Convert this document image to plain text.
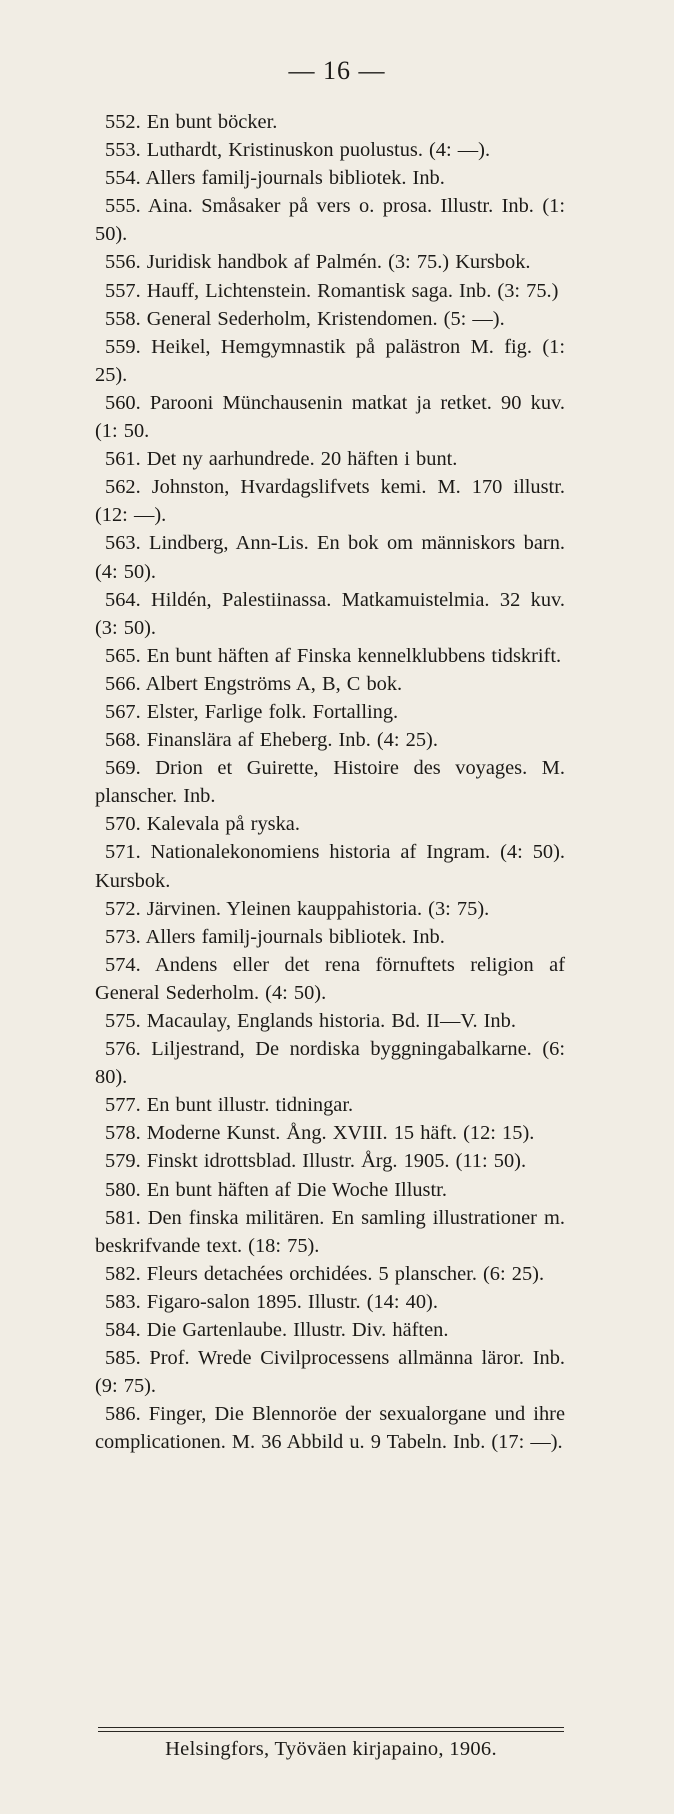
— 16 —
552. En bunt böcker.
553. Luthardt, Kristinuskon puolustus. (4: —).
554. Allers familj-journals bibliotek. Inb.
555. Aina. Småsaker på vers o. prosa. Illustr. Inb. (1: 50).
556. Juridisk handbok af Palmén. (3: 75.) Kursbok.
557. Hauff, Lichtenstein. Romantisk saga. Inb. (3: 75.)
558. General Sederholm, Kristendomen. (5: —).
559. Heikel, Hemgymnastik på palästron M. fig. (1: 25).
560. Parooni Münchausenin matkat ja retket. 90 kuv. (1: 50.
561. Det ny aarhundrede. 20 häften i bunt.
562. Johnston, Hvardagslifvets kemi. M. 170 illustr. (12: —).
563. Lindberg, Ann-Lis. En bok om människors barn. (4: 50).
564. Hildén, Palestiinassa. Matkamuistelmia. 32 kuv. (3: 50).
565. En bunt häften af Finska kennelklubbens tidskrift.
566. Albert Engströms A, B, C bok.
567. Elster, Farlige folk. Fortalling.
568. Finanslära af Eheberg. Inb. (4: 25).
569. Drion et Guirette, Histoire des voyages. M. planscher. Inb.
570. Kalevala på ryska.
571. Nationalekonomiens historia af Ingram. (4: 50). Kursbok.
572. Järvinen. Yleinen kauppahistoria. (3: 75).
573. Allers familj-journals bibliotek. Inb.
574. Andens eller det rena förnuftets religion af General Sederholm. (4: 50).
575. Macaulay, Englands historia. Bd. II—V. Inb.
576. Liljestrand, De nordiska byggningabalkarne. (6: 80).
577. En bunt illustr. tidningar.
578. Moderne Kunst. Ång. XVIII. 15 häft. (12: 15).
579. Finskt idrottsblad. Illustr. Årg. 1905. (11: 50).
580. En bunt häften af Die Woche Illustr.
581. Den finska militären. En samling illustrationer m. beskrifvande text. (18: 75).
582. Fleurs detachées orchidées. 5 planscher. (6: 25).
583. Figaro-salon 1895. Illustr. (14: 40).
584. Die Gartenlaube. Illustr. Div. häften.
585. Prof. Wrede Civilprocessens allmänna läror. Inb. (9: 75).
586. Finger, Die Blennoröe der sexualorgane und ihre complicationen. M. 36 Abbild u. 9 Tabeln. Inb. (17: —).
Helsingfors, Työväen kirjapaino, 1906.
